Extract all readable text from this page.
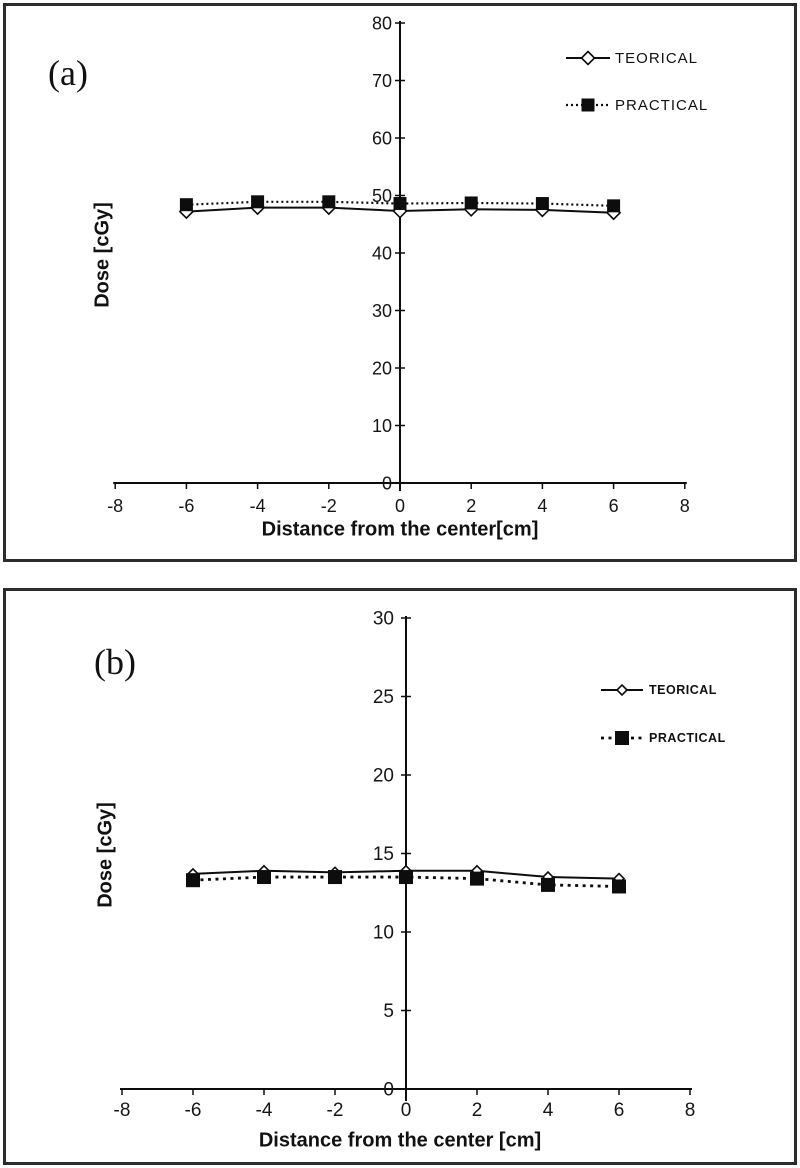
-8	-6	-4	-2	0	2	4	6	8
0
10
20
30
40
50
60
70
80
(a)
Dose [cGy]
Distance from the center[cm]
TEORICAL
PRACTICAL
-8	-6	-4	-2	0	2	4	6	8
0
5
10
15
20
25
30
(b)
Dose [cGy]
Distance from the center [cm]
TEORICAL
PRACTICAL
